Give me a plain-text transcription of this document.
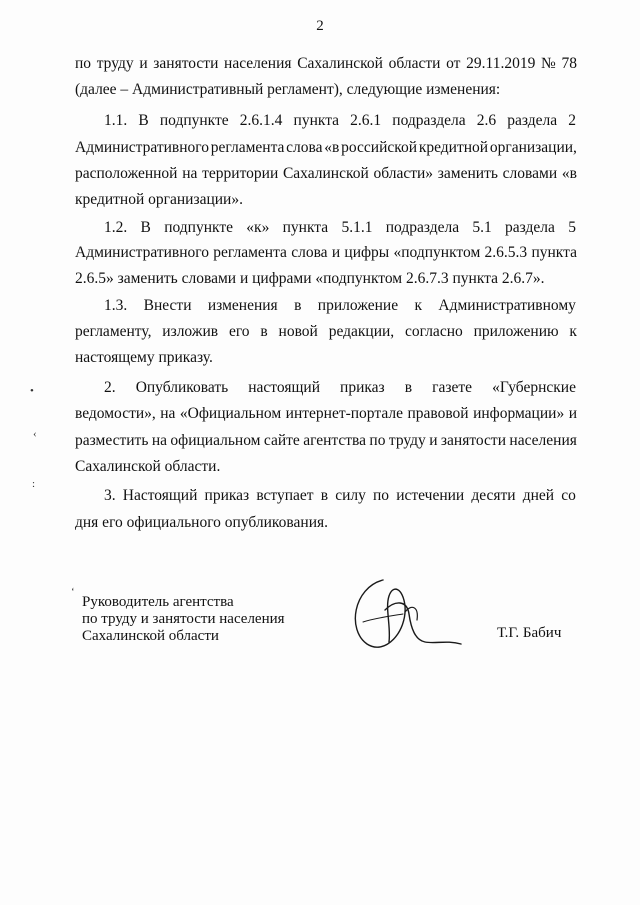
2
по труду и занятости населения Сахалинской области от 29.11.2019 № 78
(далее – Административный регламент), следующие изменения:
1.1. В подпункте 2.6.1.4 пункта 2.6.1 подраздела 2.6 раздела 2
Административного регламента слова «в российской кредитной организации,
расположенной на территории Сахалинской области» заменить словами «в
кредитной организации».
1.2. В подпункте «к» пункта 5.1.1 подраздела 5.1 раздела 5
Административного регламента слова и цифры «подпунктом 2.6.5.3 пункта
2.6.5» заменить словами и цифрами «подпунктом 2.6.7.3 пункта 2.6.7».
1.3. Внести изменения в приложение к Административному
регламенту, изложив его в новой редакции, согласно приложению к
настоящему приказу.
2. Опубликовать настоящий приказ в газете «Губернские
ведомости», на «Официальном интернет-портале правовой информации» и
разместить на официальном сайте агентства по труду и занятости населения
Сахалинской области.
3. Настоящий приказ вступает в силу по истечении десяти дней со
дня его официального опубликования.
•
‹
:
‘
Руководитель агентства
по труду и занятости населения
Сахалинской области	Т.Г. Бабич
